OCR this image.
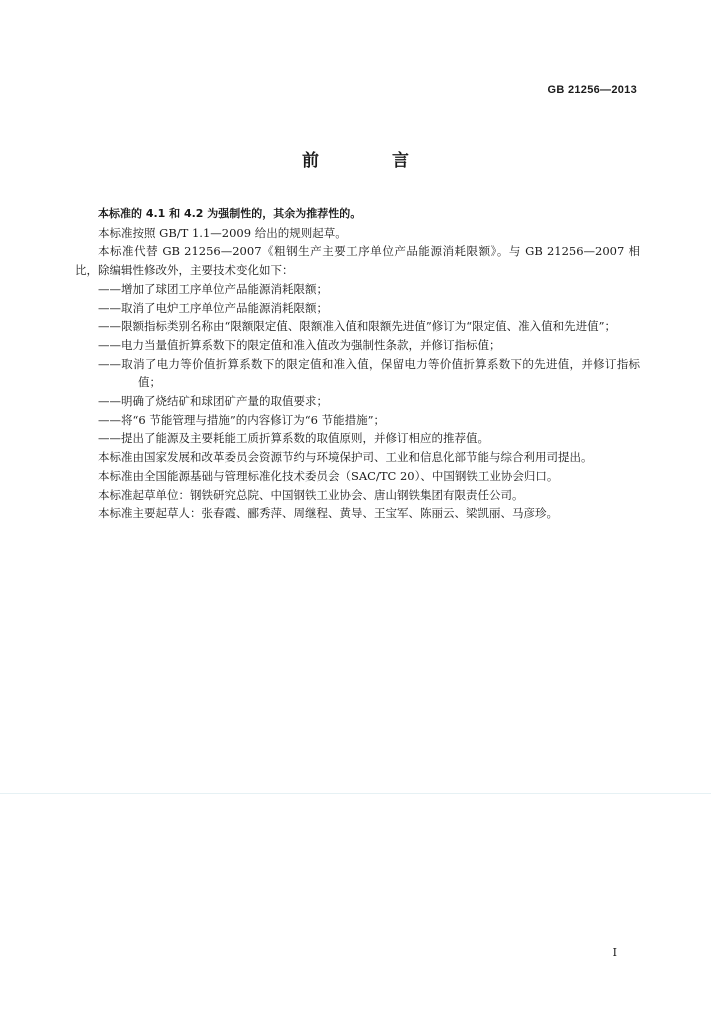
GB 21256—2013
前　言

本标准的 4.1 和 4.2 为强制性的，其余为推荐性的。

本标准按照 GB/T 1.1—2009 给出的规则起草。

本标准代替 GB 21256—2007《粗钢生产主要工序单位产品能源消耗限额》。与 GB 21256—2007 相比，除编辑性修改外，主要技术变化如下：

——增加了球团工序单位产品能源消耗限额；

——取消了电炉工序单位产品能源消耗限额；

——限额指标类别名称由“限额限定值、限额准入值和限额先进值”修订为“限定值、准入值和先进值”；

——电力当量值折算系数下的限定值和准入值改为强制性条款，并修订指标值；

——取消了电力等价值折算系数下的限定值和准入值，保留电力等价值折算系数下的先进值，并修订指标值；

——明确了烧结矿和球团矿产量的取值要求；

——将“6 节能管理与措施”的内容修订为“6 节能措施”；

——提出了能源及主要耗能工质折算系数的取值原则，并修订相应的推荐值。

本标准由国家发展和改革委员会资源节约与环境保护司、工业和信息化部节能与综合利用司提出。

本标准由全国能源基础与管理标准化技术委员会（SAC/TC 20）、中国钢铁工业协会归口。

本标准起草单位：钢铁研究总院、中国钢铁工业协会、唐山钢铁集团有限责任公司。

本标准主要起草人：张春霞、郦秀萍、周继程、黄导、王宝军、陈丽云、梁凯丽、马彦珍。

I
